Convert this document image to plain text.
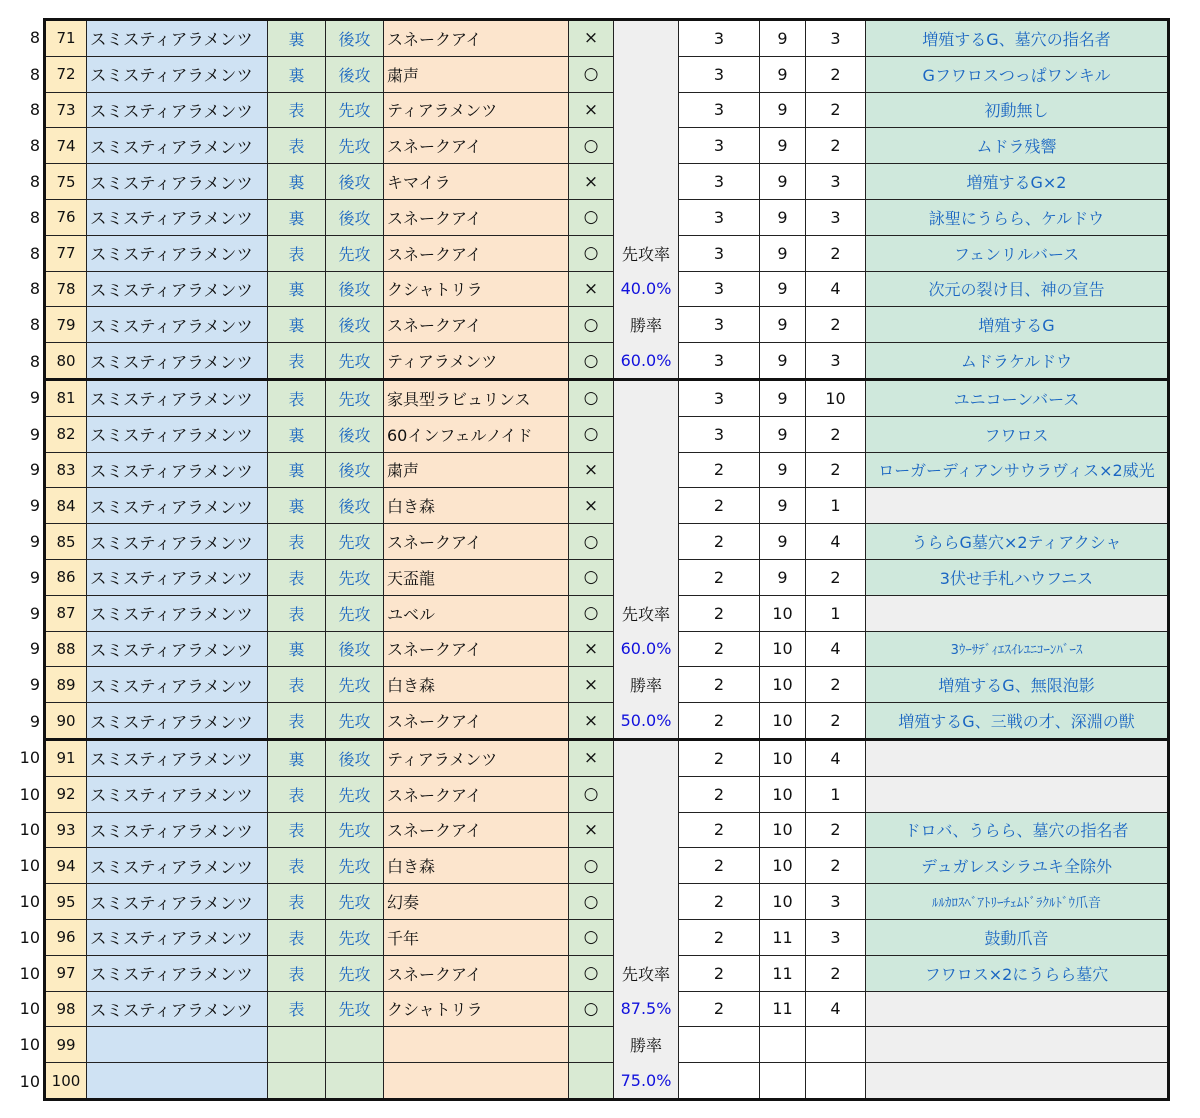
8	71	スミスティアラメンツ	裏	後攻	スネークアイ	×		3	9	3	増殖するG、墓穴の指名者
8	72	スミスティアラメンツ	裏	後攻	粛声	○		3	9	2	Gフワロスつっぱワンキル
8	73	スミスティアラメンツ	表	先攻	ティアラメンツ	×		3	9	2	初動無し
8	74	スミスティアラメンツ	表	先攻	スネークアイ	○		3	9	2	ムドラ残響
8	75	スミスティアラメンツ	裏	後攻	キマイラ	×		3	9	3	増殖するG×2
8	76	スミスティアラメンツ	裏	後攻	スネークアイ	○		3	9	3	詠聖にうらら、ケルドウ
8	77	スミスティアラメンツ	表	先攻	スネークアイ	○	先攻率	3	9	2	フェンリルバース
8	78	スミスティアラメンツ	裏	後攻	クシャトリラ	×	40.0%	3	9	4	次元の裂け目、神の宣告
8	79	スミスティアラメンツ	裏	後攻	スネークアイ	○	勝率	3	9	2	増殖するG
8	80	スミスティアラメンツ	表	先攻	ティアラメンツ	○	60.0%	3	9	3	ムドラケルドウ
9	81	スミスティアラメンツ	表	先攻	家具型ラビュリンス	○		3	9	10	ユニコーンバース
9	82	スミスティアラメンツ	裏	後攻	60インフェルノイド	○		3	9	2	フワロス
9	83	スミスティアラメンツ	裏	後攻	粛声	×		2	9	2	ローガーディアンサウラヴィス×2威光
9	84	スミスティアラメンツ	裏	後攻	白き森	×		2	9	1	
9	85	スミスティアラメンツ	表	先攻	スネークアイ	○		2	9	4	うららG墓穴×2ティアクシャ
9	86	スミスティアラメンツ	表	先攻	天盃龍	○		2	9	2	3伏せ手札ハウフニス
9	87	スミスティアラメンツ	表	先攻	ユベル	○	先攻率	2	10	1	
9	88	スミスティアラメンツ	裏	後攻	スネークアイ	×	60.0%	2	10	4	3ｳｰｻﾃﾞｨｴｽｲﾚﾕﾆｺｰﾝﾊﾞｰｽ
9	89	スミスティアラメンツ	表	先攻	白き森	×	勝率	2	10	2	増殖するG、無限泡影
9	90	スミスティアラメンツ	表	先攻	スネークアイ	×	50.0%	2	10	2	増殖するG、三戦の才、深淵の獣
10	91	スミスティアラメンツ	裏	後攻	ティアラメンツ	×		2	10	4	
10	92	スミスティアラメンツ	表	先攻	スネークアイ	○		2	10	1	
10	93	スミスティアラメンツ	表	先攻	スネークアイ	×		2	10	2	ドロバ、うらら、墓穴の指名者
10	94	スミスティアラメンツ	表	先攻	白き森	○		2	10	2	デュガレスシラユキ全除外
10	95	スミスティアラメンツ	表	先攻	幻奏	○		2	10	3	ﾙﾙｶﾛｽﾍﾞｱﾄﾘｰﾁｪﾑﾄﾞﾗｸﾙﾄﾞｳ爪音
10	96	スミスティアラメンツ	表	先攻	千年	○		2	11	3	鼓動爪音
10	97	スミスティアラメンツ	表	先攻	スネークアイ	○	先攻率	2	11	2	フワロス×2にうらら墓穴
10	98	スミスティアラメンツ	表	先攻	クシャトリラ	○	87.5%	2	11	4	
10	99						勝率				
10	100						75.0%				
